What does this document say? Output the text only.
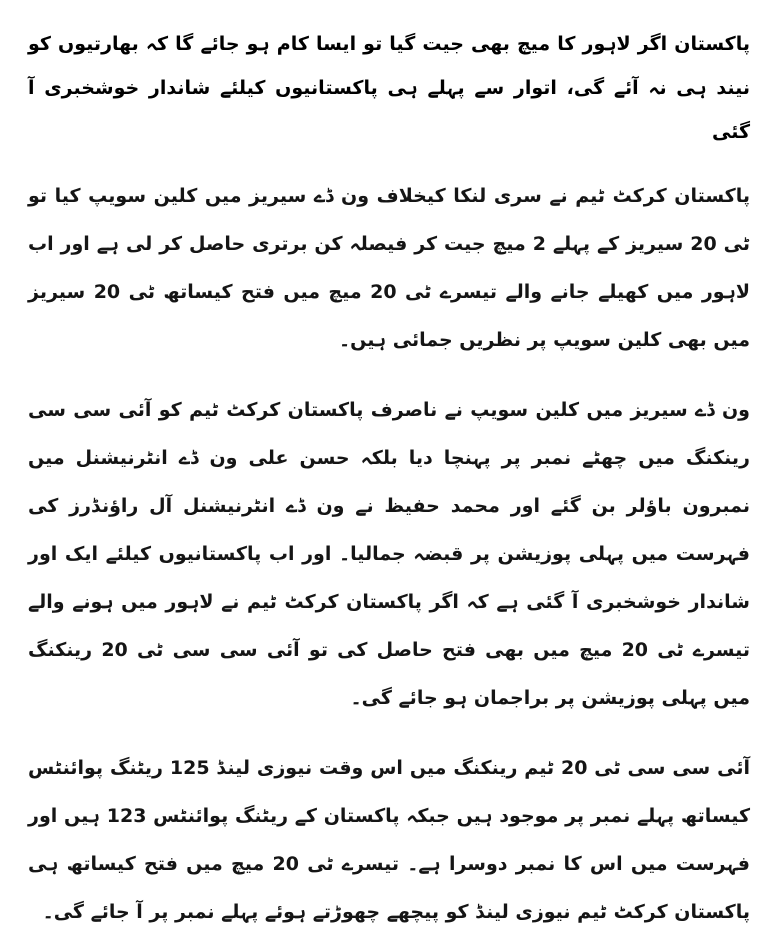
پاکستان اگر لاہور کا میچ بھی جیت گیا تو ایسا کام ہو جائے گا کہ بھارتیوں کو نیند ہی نہ آئے گی، اتوار سے پہلے ہی پاکستانیوں کیلئے شاندار خوشخبری آ گئی

پاکستان کرکٹ ٹیم نے سری لنکا کیخلاف ون ڈے سیریز میں کلین سویپ کیا تو ٹی 20 سیریز کے پہلے 2 میچ جیت کر فیصلہ کن برتری حاصل کر لی ہے اور اب لاہور میں کھیلے جانے والے تیسرے ٹی 20 میچ میں فتح کیساتھ ٹی 20 سیریز میں بھی کلین سویپ پر نظریں جمائی ہیں۔

ون ڈے سیریز میں کلین سویپ نے ناصرف پاکستان کرکٹ ٹیم کو آئی سی سی رینکنگ میں چھٹے نمبر پر پہنچا دیا بلکہ حسن علی ون ڈے انٹرنیشنل میں نمبرون باؤلر بن گئے اور محمد حفیظ نے ون ڈے انٹرنیشنل آل راؤنڈرز کی فہرست میں پہلی پوزیشن پر قبضہ جمالیا۔ اور اب پاکستانیوں کیلئے ایک اور شاندار خوشخبری آ گئی ہے کہ اگر پاکستان کرکٹ ٹیم نے لاہور میں ہونے والے تیسرے ٹی 20 میچ میں بھی فتح حاصل کی تو آئی سی سی ٹی 20 رینکنگ میں پہلی پوزیشن پر براجمان ہو جائے گی۔

آئی سی سی ٹی 20 ٹیم رینکنگ میں اس وقت نیوزی لینڈ 125 ریٹنگ پوائنٹس کیساتھ پہلے نمبر پر موجود ہیں جبکہ پاکستان کے ریٹنگ پوائنٹس 123 ہیں اور فہرست میں اس کا نمبر دوسرا ہے۔ تیسرے ٹی 20 میچ میں فتح کیساتھ ہی پاکستان کرکٹ ٹیم نیوزی لینڈ کو پیچھے چھوڑتے ہوئے پہلے نمبر پر آ جائے گی۔
